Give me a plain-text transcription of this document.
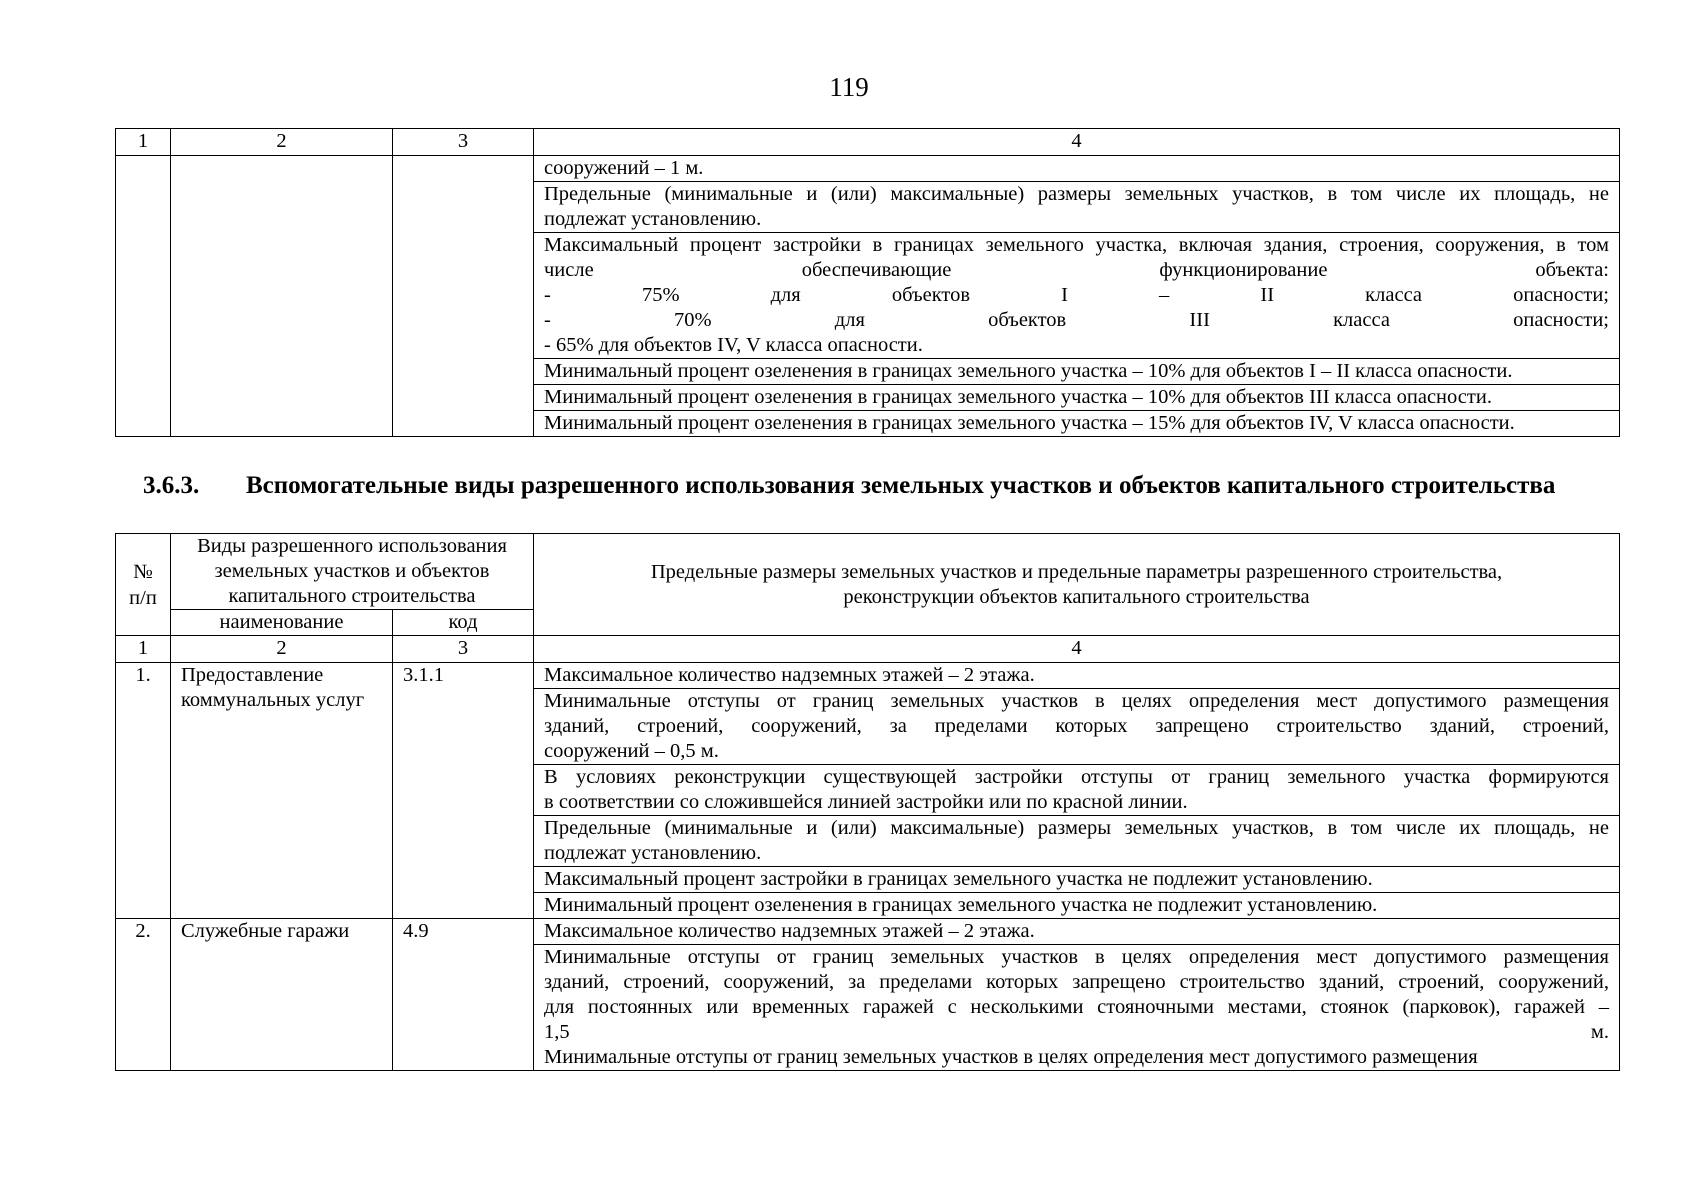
119
1	2	3	4

			сооружений – 1 м.

			Предельные (минимальные и (или) максимальные) размеры земельных участков, в том числе их площадь, не
подлежат установлению.

			Максимальный процент застройки в границах земельного участка, включая здания, строения, сооружения, в том
числе обеспечивающие функционирование объекта:
- 75% для объектов I – II класса опасности;
- 70% для объектов III класса опасности;
- 65% для объектов IV, V класса опасности.

			Минимальный процент озеленения в границах земельного участка – 10% для объектов I – II класса опасности.

			Минимальный процент озеленения в границах земельного участка – 10% для объектов III класса опасности.

			Минимальный процент озеленения в границах земельного участка – 15% для объектов IV, V класса опасности.
3.6.3. Вспомогательные виды разрешенного использования земельных участков и объектов капитального строительства
№ п/п	Виды разрешенного использования
земельных участков и объектов
капитального строительства		Предельные размеры земельных участков и предельные параметры разрешенного строительства,
реконструкции объектов капитального строительства

	наименование	код	
1	2	3	4
1.	Предоставление коммунальных услуг	3.1.1	Максимальное количество надземных этажей – 2 этажа.

			Минимальные отступы от границ земельных участков в целях определения мест допустимого размещения
зданий, строений, сооружений, за пределами которых запрещено строительство зданий, строений,
сооружений – 0,5 м.

			В условиях реконструкции существующей застройки отступы от границ земельного участка формируются
в соответствии со сложившейся линией застройки или по красной линии.

			Предельные (минимальные и (или) максимальные) размеры земельных участков, в том числе их площадь, не
подлежат установлению.

			Максимальный процент застройки в границах земельного участка не подлежит установлению.

			Минимальный процент озеленения в границах земельного участка не подлежит установлению.

2.	Служебные гаражи	4.9	Максимальное количество надземных этажей – 2 этажа.

			Минимальные отступы от границ земельных участков в целях определения мест допустимого размещения
зданий, строений, сооружений, за пределами которых запрещено строительство зданий, строений, сооружений,
для постоянных или временных гаражей с несколькими стояночными местами, стоянок (парковок), гаражей –
1,5 м.
Минимальные отступы от границ земельных участков в целях определения мест допустимого размещения
